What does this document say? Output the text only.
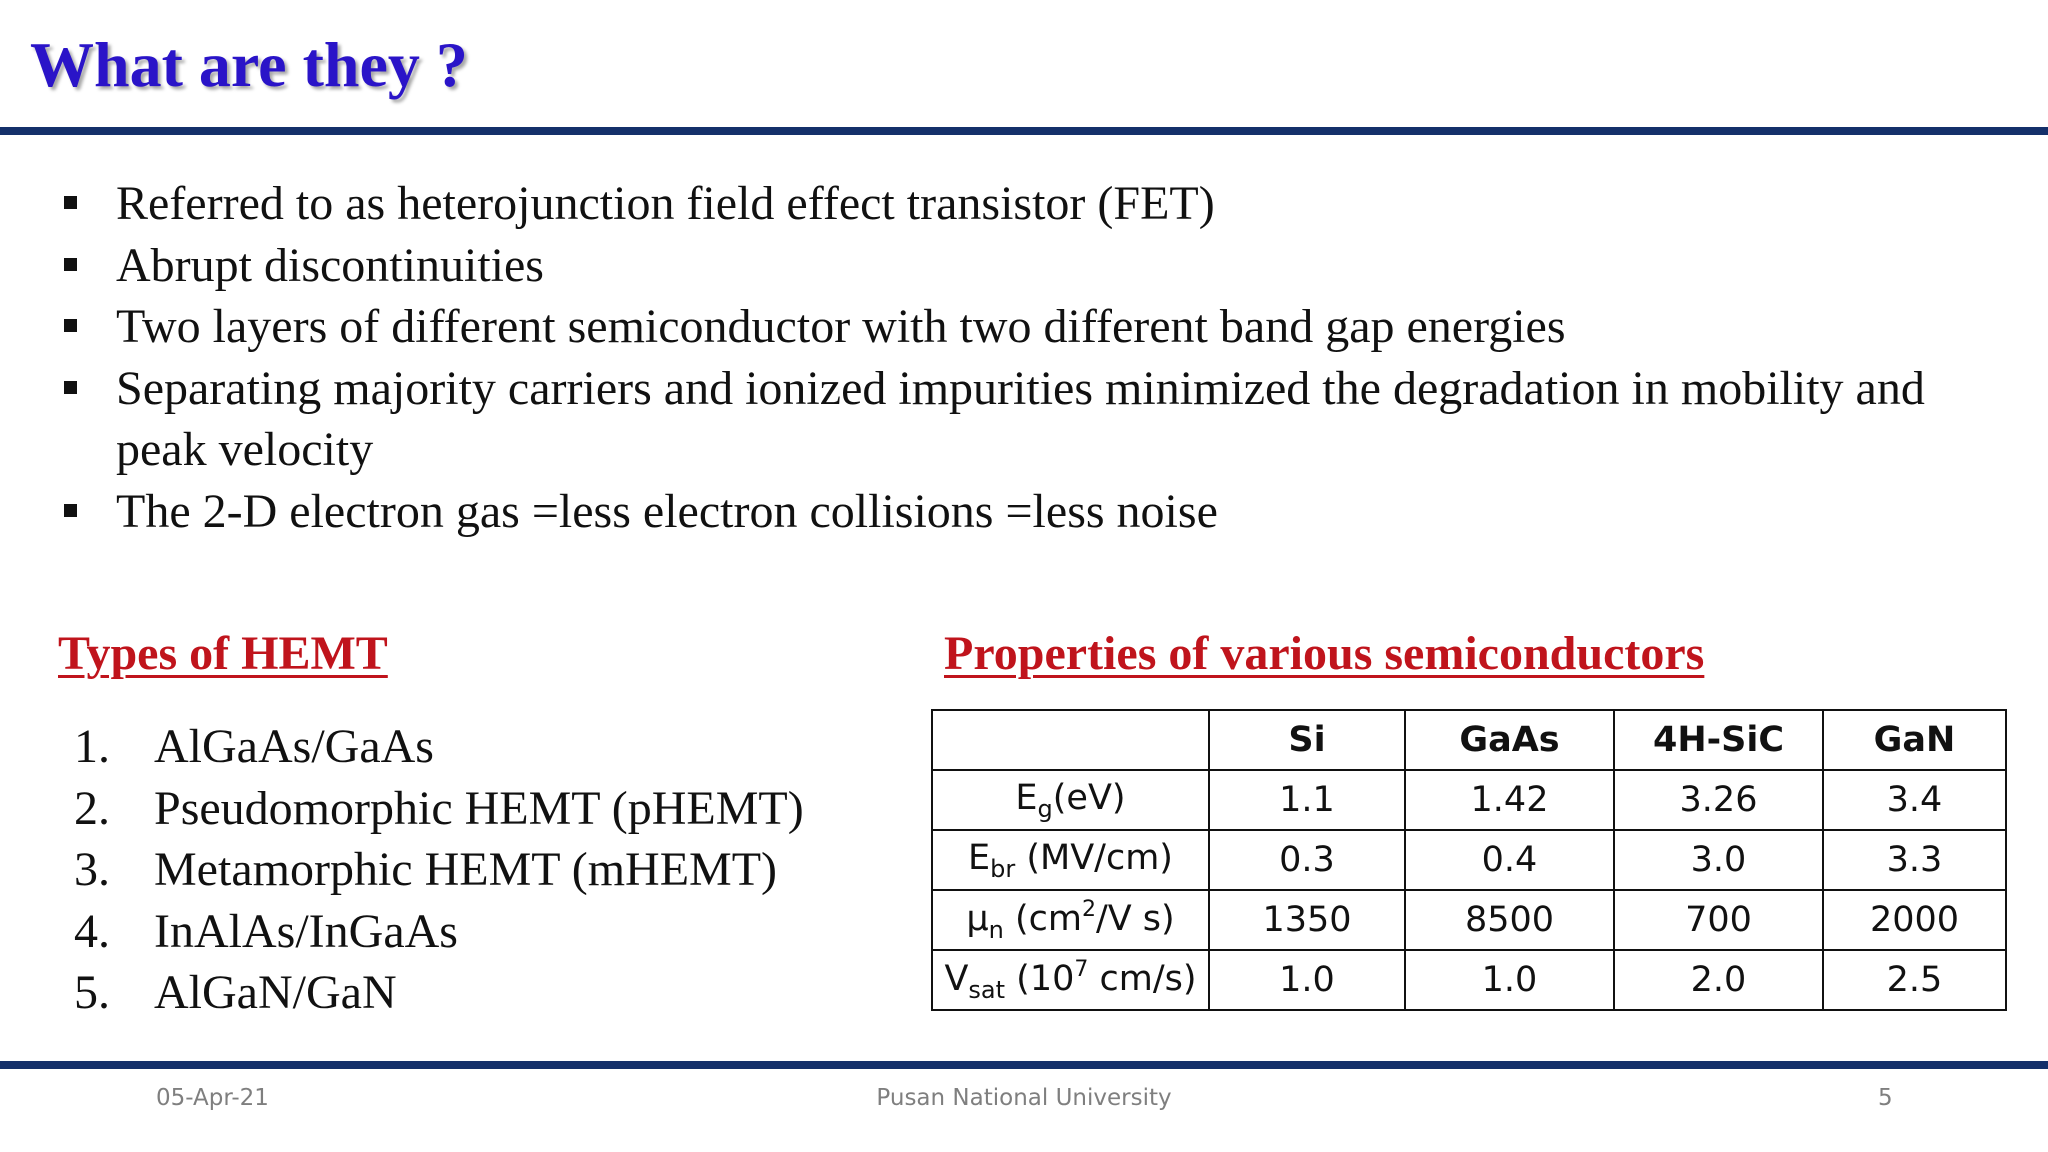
What are they ?
Referred to as heterojunction field effect transistor (FET)
Abrupt discontinuities
Two layers of different semiconductor with two different band gap energies
Separating majority carriers and ionized impurities minimized the degradation in mobility and peak velocity
The 2-D electron gas =less electron collisions =less noise
Types of HEMT	Properties of various semiconductors
1. AlGaAs/GaAs
2. Pseudomorphic HEMT (pHEMT)
3. Metamorphic HEMT (mHEMT)
4. InAlAs/InGaAs
5. AlGaN/GaN
	Si	GaAs	4H-SiC	GaN
$E_g(eV)$	1.1	1.42	3.26	3.4
$E_{br}$ (MV/cm)	0.3	0.4	3.0	3.3
$\mu_n$ ($cm^2/V$ s)	1350	8500	700	2000
$V_{sat}$ ($10^7$ cm/s)	1.0	1.0	2.0	2.5
05-Apr-21	Pusan National University	5
